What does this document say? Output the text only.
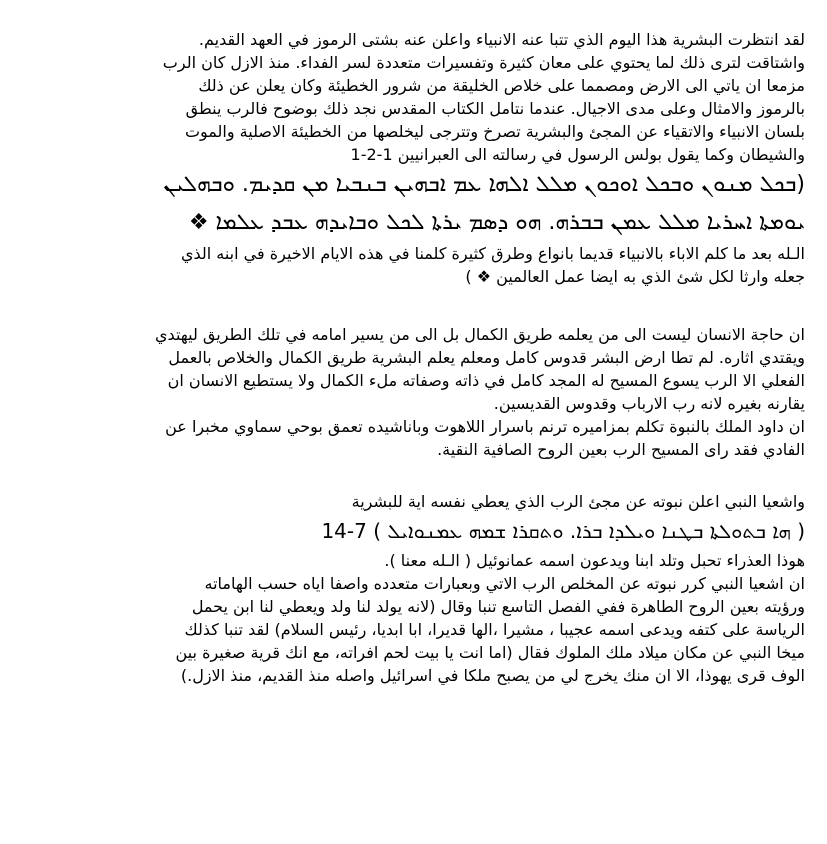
لقد انتظرت البشرية هذا اليوم الذي تتبا عنه الانبياء واعلن عنه بشتى الرموز في العهد القديم.
واشتاقت لترى ذلك لما يحتوي على معان كثيرة وتفسيرات متعددة لسر الفداء. منذ الازل كان الرب
مزمعا ان ياتي الى الارض ومصمما على خلاص الخليقة من شرور الخطيئة وكان يعلن عن ذلك
بالرموز والامثال وعلى مدى الاجيال. عندما نتامل الكتاب المقدس نجد ذلك بوضوح فالرب ينطق
بلسان الانبياء والاتقياء عن المجئ والبشرية تصرخ وتترجى ليخلصها من الخطيئة الاصلية والموت
والشيطان وكما يقول بولس الرسول في رسالته الى العبرانيين 1-2-1
(ܒܟܠ ܡܢܘܢ ܘܒܟܠ ܐܘܟܘܢ ܡܠܠ ܐܠܗܐ ܥܡ ܐܒܗܝܢ ܒܢܒܝܐ ܡܢ ܩܕܝܡ. ܘܒܗܠܝܢ
ܝܘܡܬܐ ܐܚܪܝܐ ܡܠܠ ܥܡܢ ܒܒܪܗ. ܗܘ ܕܣܡ ܝܪܬܐ ܠܟܠ ܘܒܐܝܕܗ ܥܒܕ ܥܠܡܐ ❖
الـله بعد ما كلم الاباء بالانبياء قديما بانواع وطرق كثيرة كلمنا في هذه الايام الاخيرة في ابنه الذي
جعله وارثا لكل شئ الذي به ايضا عمل العالمين ❖ )
ان حاجة الانسان ليست الى من يعلمه طريق الكمال بل الى من يسير امامه في تلك الطريق ليهتدي
ويقتدي اثاره. لم تطا ارض البشر قدوس كامل ومعلم يعلم البشرية طريق الكمال والخلاص بالعمل
الفعلي الا الرب يسوع المسيح له المجد كامل في ذاته وصفاته ملء الكمال ولا يستطيع الانسان ان
يقارنه بغيره لانه رب الارباب وقدوس القديسين.
ان داود الملك بالنبوة تكلم بمزاميره ترنم باسرار اللاهوت وباناشيده تعمق بوحي سماوي مخبرا عن
الفادي فقد راى المسيح الرب بعين الروح الصافية النقية.
واشعيا النبي اعلن نبوته عن مجئ الرب الذي يعطي نفسه اية للبشرية
( ܗܐ ܒܬܘܠܬܐ ܒܛܢܐ ܘܝܠܕܐ ܒܪܐ. ܘܬܩܪܐ ܫܡܗ ܥܡܢܘܐܝܠ ) 7-14
هوذا العذراء تحبل وتلد ابنا ويدعون اسمه عمانوئيل ( الـله معنا ).
ان اشعيا النبي كرر نبوته عن المخلص الرب الاتي وبعبارات متعدده واصفا اياه حسب الهاماته
ورؤيته بعين الروح الطاهرة ففي الفصل التاسع تنبا وقال (لانه يولد لنا ولد ويعطي لنا ابن يحمل
الرياسة على كتفه ويدعى اسمه عجيبا ، مشيرا ،الها قديرا، ابا ابديا، رئيس السلام) لقد تنبا كذلك
ميخا النبي عن مكان ميلاد ملك الملوك فقال (اما انت يا بيت لحم افراته، مع انك قرية صغيرة بين
الوف قرى يهوذا، الا ان منك يخرج لي من يصبح ملكا في اسرائيل واصله منذ القديم، منذ الازل.)
